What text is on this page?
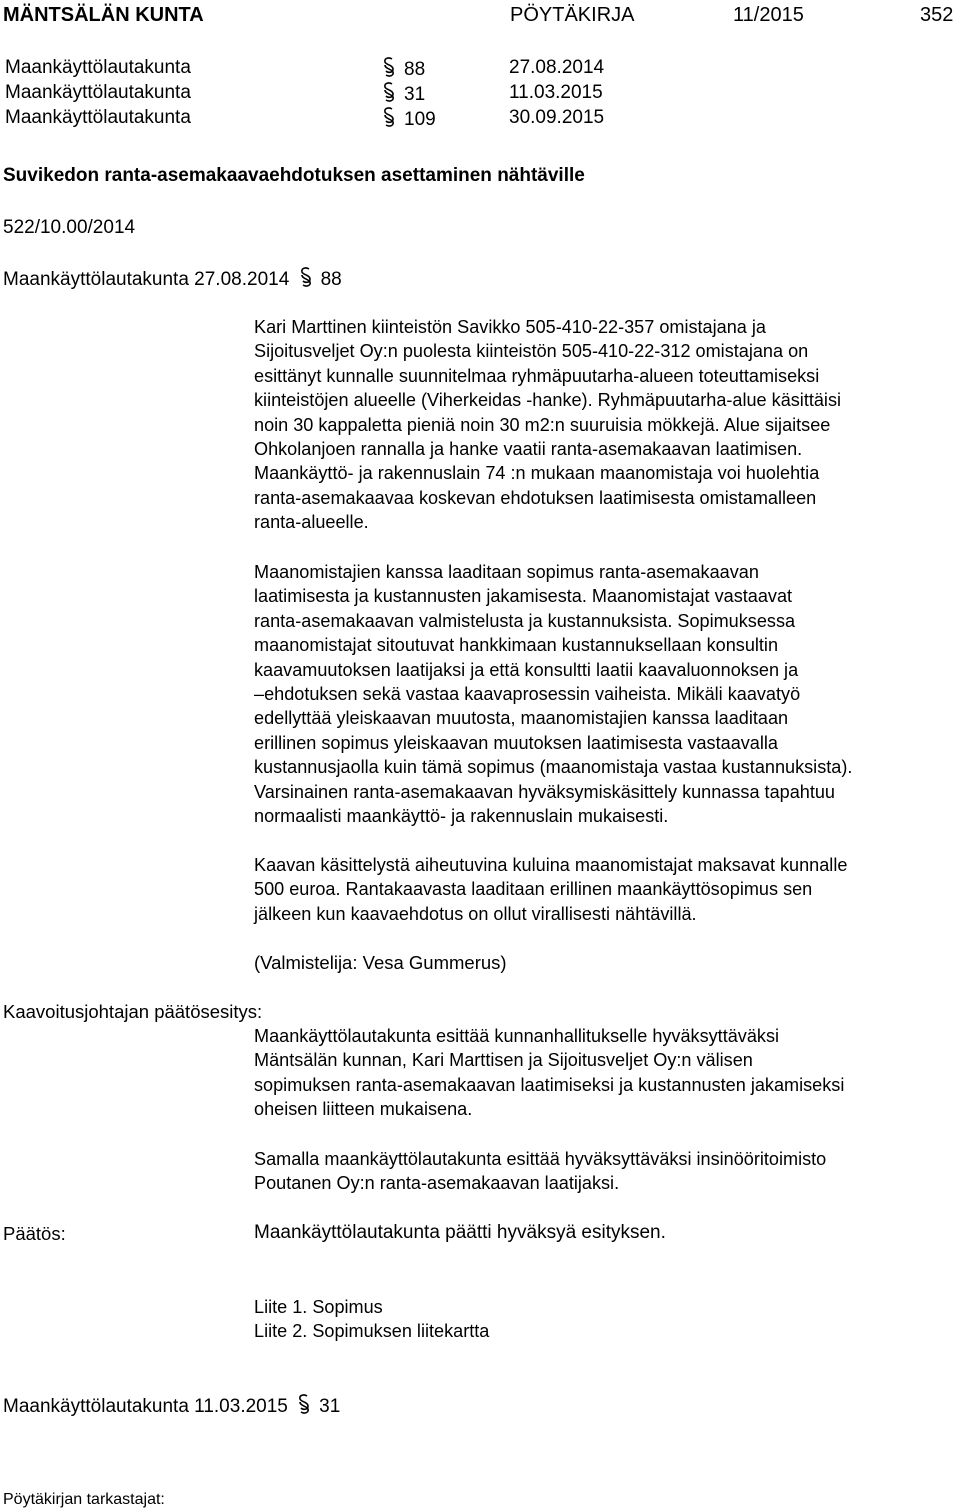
MÄNTSÄLÄN KUNTA	PÖYTÄKIRJA	11/2015	352
Maankäyttölautakunta	88	27.08.2014
Maankäyttölautakunta	31	11.03.2015
Maankäyttölautakunta	109	30.09.2015
Suvikedon ranta-asemakaavaehdotuksen asettaminen nähtäville
522/10.00/2014
Maankäyttölautakunta 27.08.2014 88
Kari Marttinen kiinteistön Savikko 505-410-22-357 omistajana ja
Sijoitusveljet Oy:n puolesta kiinteistön 505-410-22-312 omistajana on
esittänyt kunnalle suunnitelmaa ryhmäpuutarha-alueen toteuttamiseksi
kiinteistöjen alueelle (Viherkeidas -hanke). Ryhmäpuutarha-alue käsittäisi
noin 30 kappaletta pieniä noin 30 m2:n suuruisia mökkejä. Alue sijaitsee
Ohkolanjoen rannalla ja hanke vaatii ranta-asemakaavan laatimisen.
Maankäyttö- ja rakennuslain 74 :n mukaan maanomistaja voi huolehtia
ranta-asemakaavaa koskevan ehdotuksen laatimisesta omistamalleen
ranta-alueelle.
Maanomistajien kanssa laaditaan sopimus ranta-asemakaavan
laatimisesta ja kustannusten jakamisesta. Maanomistajat vastaavat
ranta-asemakaavan valmistelusta ja kustannuksista. Sopimuksessa
maanomistajat sitoutuvat hankkimaan kustannuksellaan konsultin
kaavamuutoksen laatijaksi ja että konsultti laatii kaavaluonnoksen ja
–ehdotuksen sekä vastaa kaavaprosessin vaiheista. Mikäli kaavatyö
edellyttää yleiskaavan muutosta, maanomistajien kanssa laaditaan
erillinen sopimus yleiskaavan muutoksen laatimisesta vastaavalla
kustannusjaolla kuin tämä sopimus (maanomistaja vastaa kustannuksista).
Varsinainen ranta-asemakaavan hyväksymiskäsittely kunnassa tapahtuu
normaalisti maankäyttö- ja rakennuslain mukaisesti.
Kaavan käsittelystä aiheutuvina kuluina maanomistajat maksavat kunnalle
500 euroa. Rantakaavasta laaditaan erillinen maankäyttösopimus sen
jälkeen kun kaavaehdotus on ollut virallisesti nähtävillä.
(Valmistelija: Vesa Gummerus)
Kaavoitusjohtajan päätösesitys:
Maankäyttölautakunta esittää kunnanhallitukselle hyväksyttäväksi
Mäntsälän kunnan, Kari Marttisen ja Sijoitusveljet Oy:n välisen
sopimuksen ranta-asemakaavan laatimiseksi ja kustannusten jakamiseksi
oheisen liitteen mukaisena.
Samalla maankäyttölautakunta esittää hyväksyttäväksi insinööritoimisto
Poutanen Oy:n ranta-asemakaavan laatijaksi.
Päätös:	Maankäyttölautakunta päätti hyväksyä esityksen.
Liite 1. Sopimus
Liite 2. Sopimuksen liitekartta
Maankäyttölautakunta 11.03.2015 31
Pöytäkirjan tarkastajat:
